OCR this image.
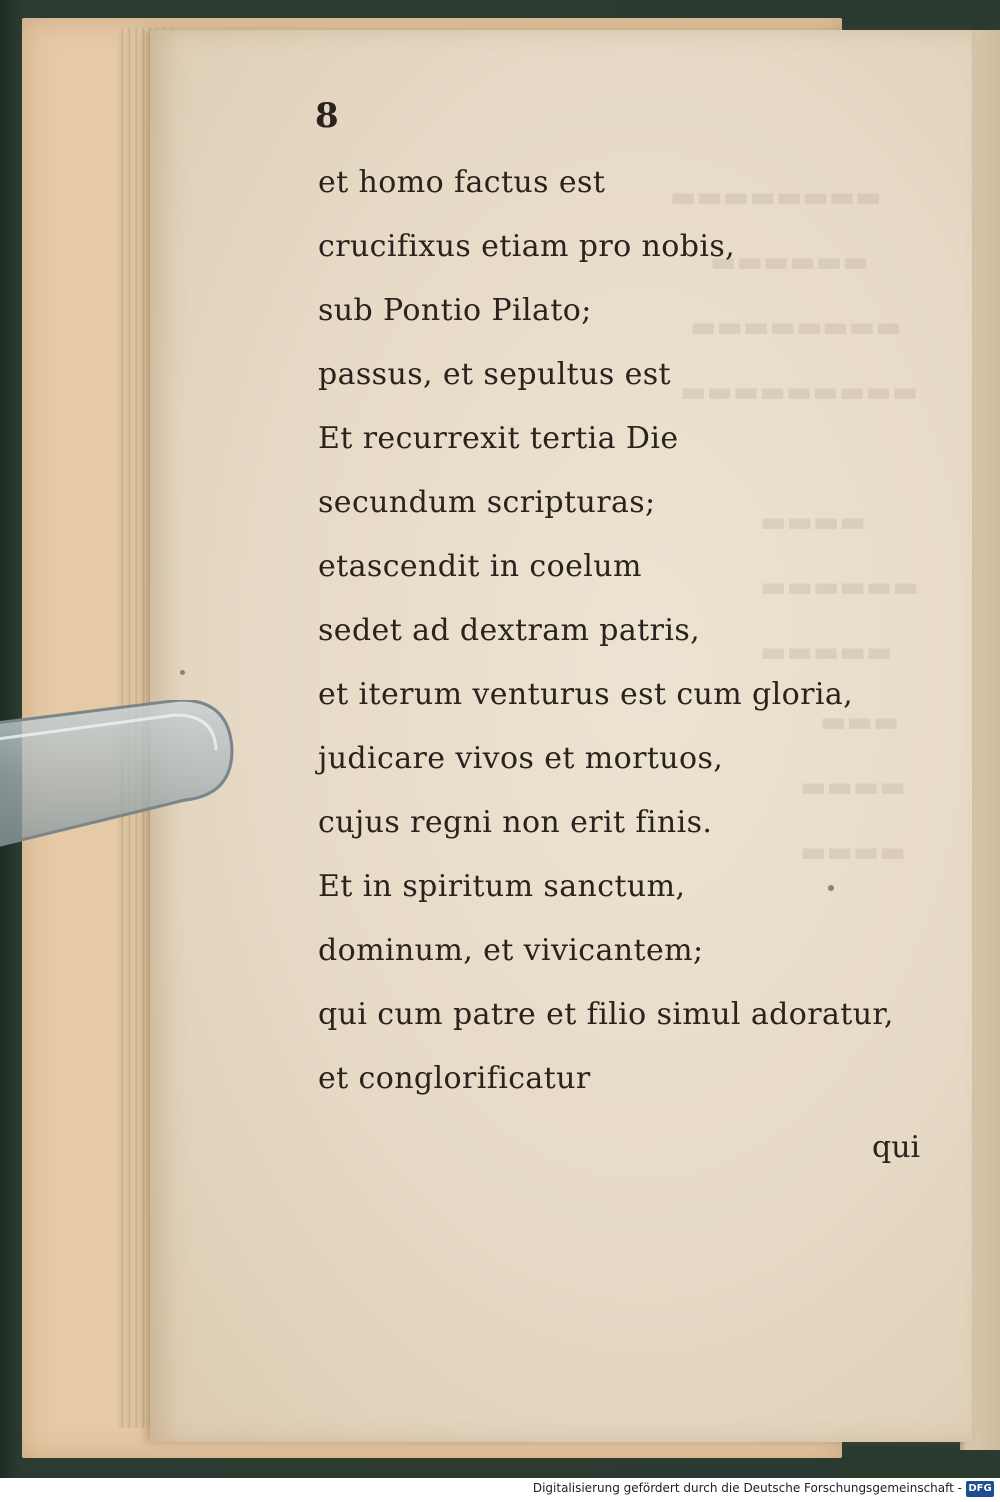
▬▬▬▬▬▬▬▬
▬▬▬▬▬▬
▬▬▬▬▬▬▬▬
▬▬▬▬▬▬▬▬▬
▬▬▬▬
▬▬▬▬▬▬
▬▬▬▬▬
▬▬▬
▬▬▬▬
▬▬▬▬
8
et homo factus est
crucifixus etiam pro nobis,
sub Pontio Pilato;
passus, et sepultus est
Et recurrexit tertia Die
secundum scripturas;
etascendit in coelum
sedet ad dextram patris,
et iterum venturus est cum gloria,
judicare vivos et mortuos,
cujus regni non erit finis.
Et in spiritum sanctum,
dominum, et vivicantem;
qui cum patre et filio simul adoratur,
et conglorificatur
qui
Digitalisierung gefördert durch die Deutsche Forschungsgemeinschaft - DFG
